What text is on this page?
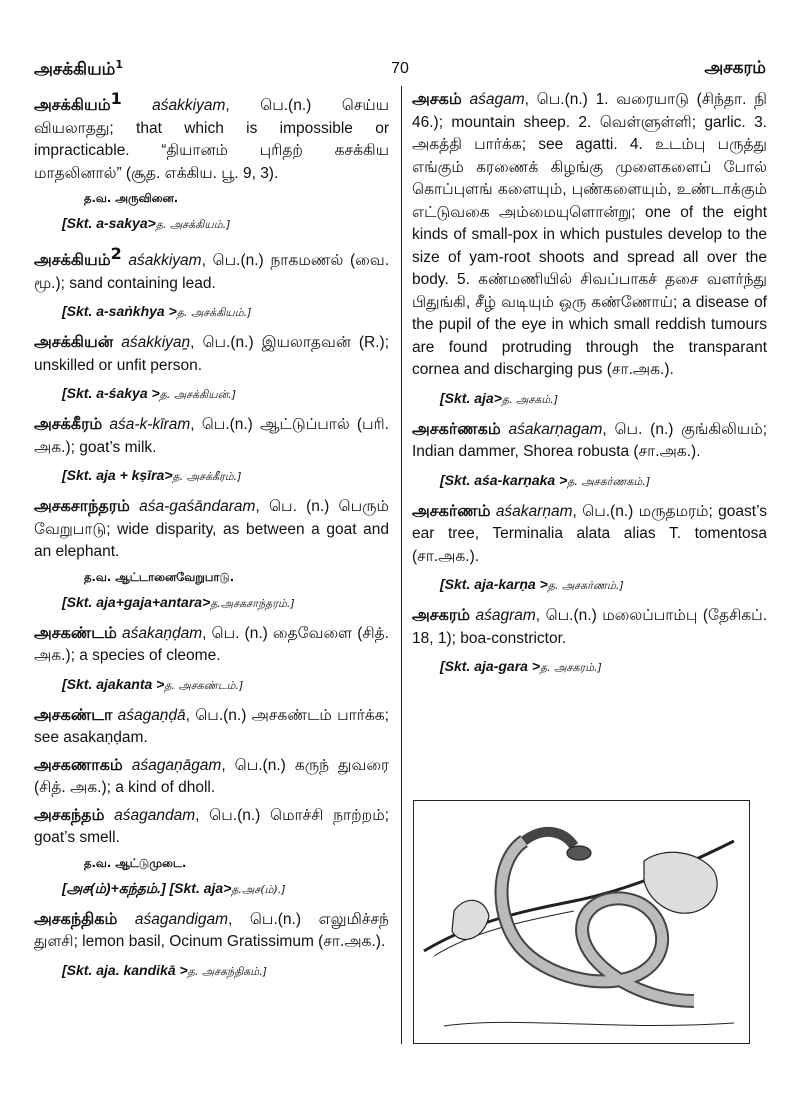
அசக்கியம்$^1$	70	அசகரம்
அசக்கியம்$^1$ aśakkiyam, பெ.(n.) செய்ய வியலாதது; that which is impossible or impracticable. “தியானம் புரிதற் கசக்கிய மாதலினால்” (சூத. எக்கிய. பூ. 9, 3).
த.வ. அருவினை.
[Skt. a-sakya>த. அசக்கியம்.]
அசக்கியம்$^2$ aśakkiyam, பெ.(n.) நாகமணல் (வை. மூ.); sand containing lead.
[Skt. a-saṅkhya >த. அசக்கியம்.]
அசக்கியன் aśakkiyaṉ, பெ.(n.) இயலாதவன் (R.); unskilled or unfit person.
[Skt. a-śakya >த. அசக்கியன்.]
அசக்கீரம் aśa-k-kīram, பெ.(n.) ஆட்டுப்பால் (பரி. அக.); goat’s milk.
[Skt. aja + kṣīra>த. அசக்கீரம்.]
அசகசாந்தரம் aśa-gaśāndaram, பெ. (n.) பெரும் வேறுபாடு; wide disparity, as between a goat and an elephant.
த.வ. ஆட்டானைவேறுபாடு.
[Skt. aja+gaja+antara>த.அசகசாந்தரம்.]
அசகண்டம் aśakaṇḍam, பெ. (n.) தைவேளை (சித். அக.); a species of cleome.
[Skt. ajakanta >த. அசகண்டம்.]
அசகண்டா aśagaṇḍā, பெ.(n.) அசகண்டம் பார்க்க; see asakaṇḍam.
அசகணாகம் aśagaṇāgam, பெ.(n.) கருந் துவரை (சித். அக.); a kind of dholl.
அசகந்தம் aśagandam, பெ.(n.) மொச்சி நாற்றம்; goat’s smell.
த.வ. ஆட்டுமுடை.
[அச(ம்)+கந்தம்.] [Skt. aja>த.அச(ம்).]
அசகந்திகம் aśagandigam, பெ.(n.) எலுமிச்சந் துளசி; lemon basil, Ocinum Gratissimum (சா.அக.).
[Skt. aja. kandikā >த. அசகந்திகம்.]
அசகம் aśagam, பெ.(n.) 1. வரையாடு (சிந்தா. நி 46.); mountain sheep. 2. வெள்ளுள்ளி; garlic. 3. அகத்தி பார்க்க; see agatti. 4. உடம்பு பருத்து எங்கும் கரணைக் கிழங்கு முளைகளைப் போல் கொப்புளங் களையும், புண்களையும், உண்டாக்கும் எட்டுவகை அம்மையுளொன்று; one of the eight kinds of small-pox in which pustules develop to the size of yam-root shoots and spread all over the body. 5. கண்மணியில் சிவப்பாகச் தசை வளர்ந்து பிதுங்கி, சீழ் வடியும் ஒரு கண்ணோய்; a disease of the pupil of the eye in which small reddish tumours are found protruding through the transparant cornea and discharging pus (சா.அக.).
[Skt. aja>த. அசகம்.]
அசகர்ணகம் aśakarṇagam, பெ. (n.) குங்கிலியம்; Indian dammer, Shorea robusta (சா.அக.).
[Skt. aśa-karṇaka >த. அசகர்ணகம்.]
அசகர்ணம் aśakarṇam, பெ.(n.) மருதமரம்; goast’s ear tree, Terminalia alata alias T. tomentosa (சா.அக.).
[Skt. aja-karṇa >த. அசகர்ணம்.]
அசகரம் aśagram, பெ.(n.) மலைப்பாம்பு (தேசிகப். 18, 1); boa-constrictor.
[Skt. aja-gara >த. அசகரம்.]
